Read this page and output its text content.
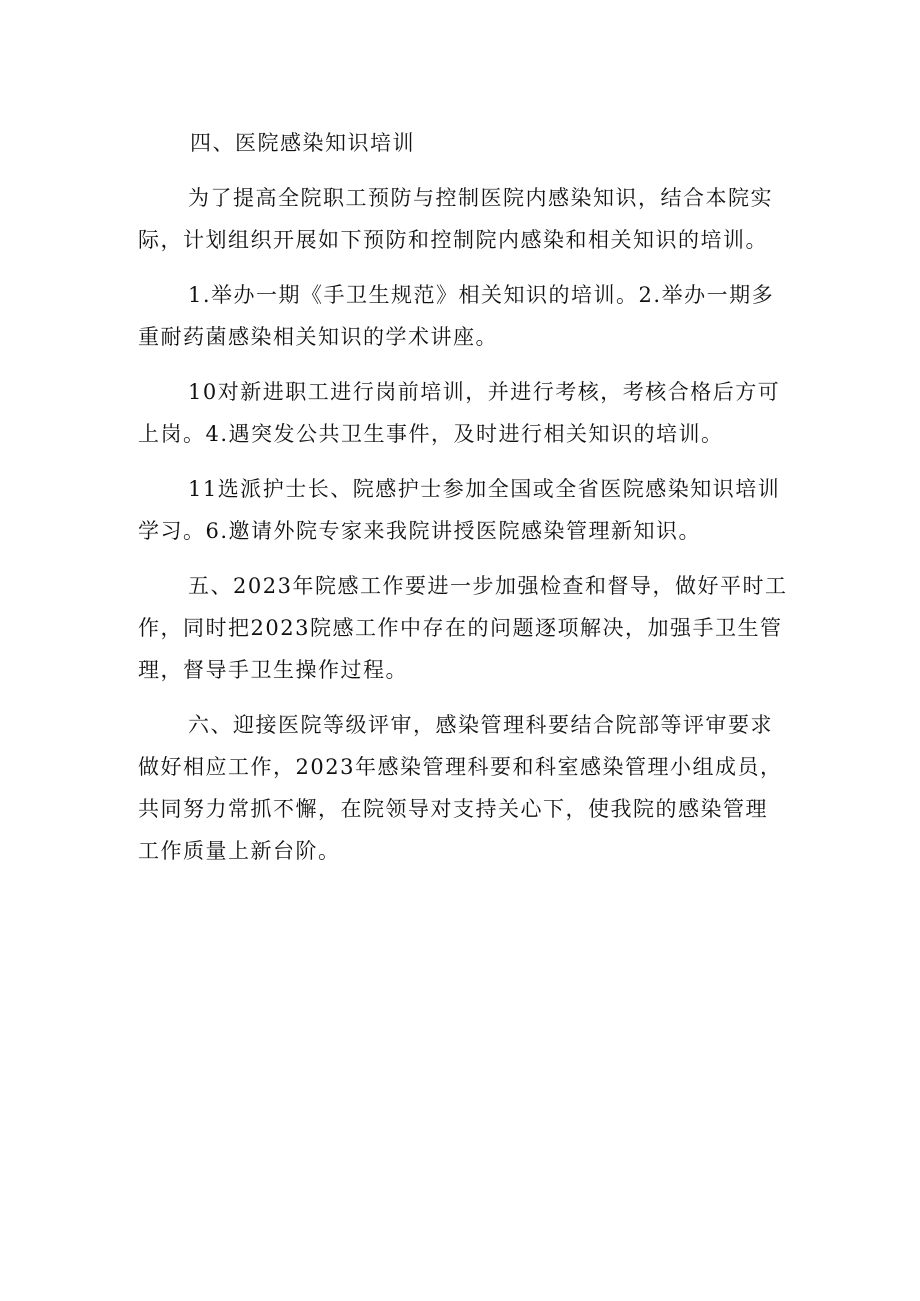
四、医院感染知识培训

为了提高全院职工预防与控制医院内感染知识，结合本院实
际，计划组织开展如下预防和控制院内感染和相关知识的培训。

1.举办一期《手卫生规范》相关知识的培训。2.举办一期多
重耐药菌感染相关知识的学术讲座。

10对新进职工进行岗前培训，并进行考核，考核合格后方可
上岗。4.遇突发公共卫生事件，及时进行相关知识的培训。

11选派护士长、院感护士参加全国或全省医院感染知识培训
学习。6.邀请外院专家来我院讲授医院感染管理新知识。

五、2023年院感工作要进一步加强检查和督导，做好平时工
作，同时把2023院感工作中存在的问题逐项解决，加强手卫生管
理，督导手卫生操作过程。

六、迎接医院等级评审，感染管理科要结合院部等评审要求
做好相应工作，2023年感染管理科要和科室感染管理小组成员，
共同努力常抓不懈，在院领导对支持关心下，使我院的感染管理
工作质量上新台阶。
